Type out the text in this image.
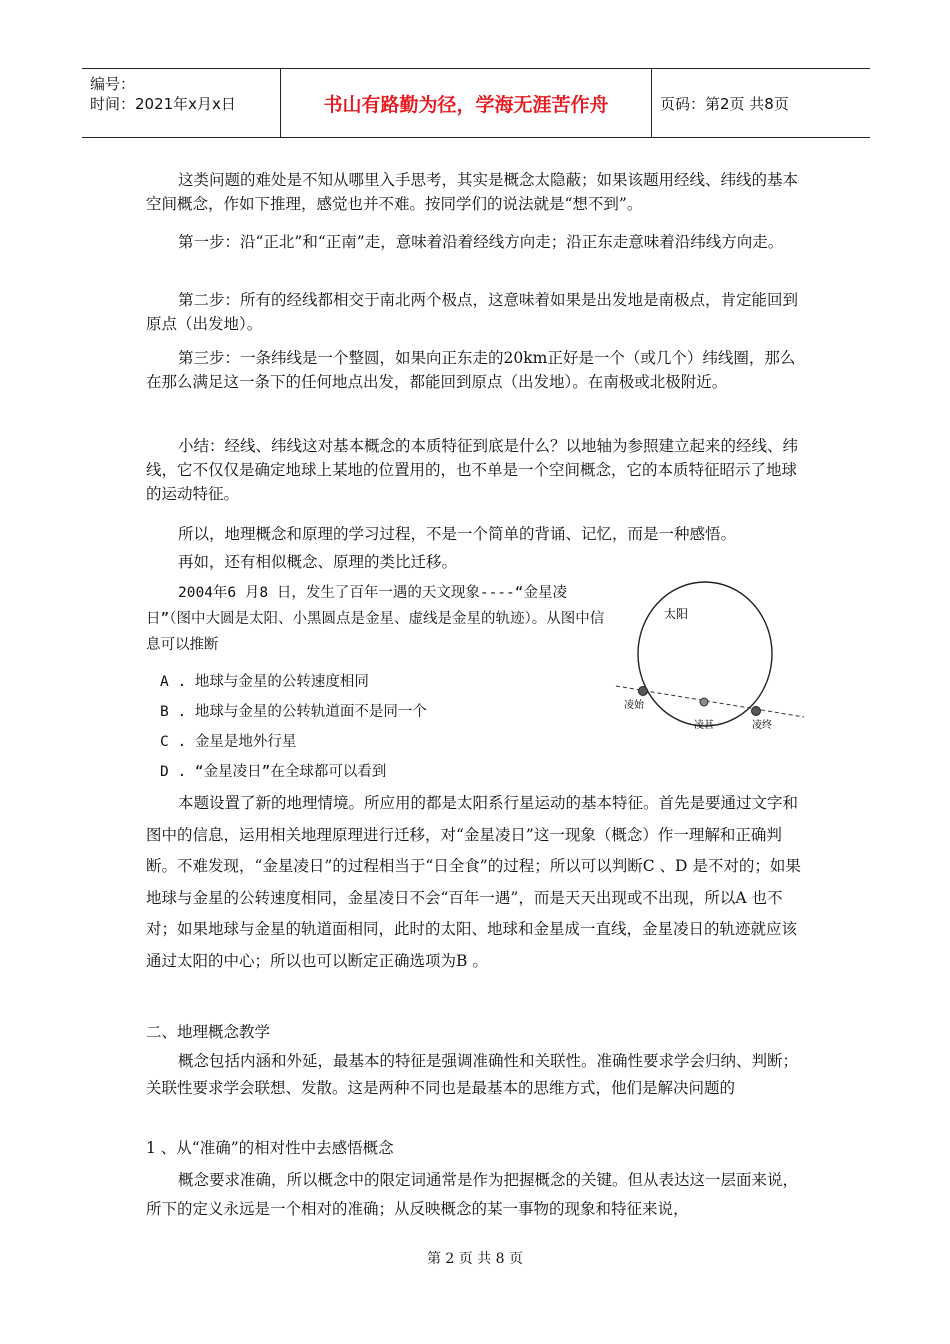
编号：
时间：2021年x月x日	书山有路勤为径，学海无涯苦作舟	页码：第2页 共8页

这类问题的难处是不知从哪里入手思考，其实是概念太隐蔽；如果该题用经线、纬线的基本空间概念，作如下推理，感觉也并不难。按同学们的说法就是“想不到”。

第一步：沿“正北”和“正南”走，意味着沿着经线方向走；沿正东走意味着沿纬线方向走。

第二步：所有的经线都相交于南北两个极点，这意味着如果是出发地是南极点，肯定能回到原点（出发地）。

第三步：一条纬线是一个整圆，如果向正东走的20km正好是一个（或几个）纬线圈，那么在那么满足这一条下的任何地点出发，都能回到原点（出发地）。在南极或北极附近。

小结：经线、纬线这对基本概念的本质特征到底是什么？以地轴为参照建立起来的经线、纬线，它不仅仅是确定地球上某地的位置用的，也不单是一个空间概念，它的本质特征昭示了地球的运动特征。

所以，地理概念和原理的学习过程，不是一个简单的背诵、记忆，而是一种感悟。

再如，还有相似概念、原理的类比迁移。

2004年6 月8 日，发生了百年一遇的天文现象----“金星凌日”（图中大圆是太阳、小黑圆点是金星、虚线是金星的轨迹）。从图中信息可以推断

A . 地球与金星的公转速度相同

B . 地球与金星的公转轨道面不是同一个

C . 金星是地外行星

D . “金星凌日”在全球都可以看到

太阳
凌始
凌甚	凌终

本题设置了新的地理情境。所应用的都是太阳系行星运动的基本特征。首先是要通过文字和图中的信息，运用相关地理原理进行迁移，对“金星凌日”这一现象（概念）作一理解和正确判断。不难发现，“金星凌日”的过程相当于“日全食”的过程；所以可以判断C 、D 是不对的；如果地球与金星的公转速度相同，金星凌日不会“百年一遇”，而是天天出现或不出现，所以A 也不对；如果地球与金星的轨道面相同，此时的太阳、地球和金星成一直线，金星凌日的轨迹就应该通过太阳的中心；所以也可以断定正确选项为B 。

二、地理概念教学

概念包括内涵和外延，最基本的特征是强调准确性和关联性。准确性要求学会归纳、判断；关联性要求学会联想、发散。这是两种不同也是最基本的思维方式，他们是解决问题的

1 、从“准确”的相对性中去感悟概念

概念要求准确，所以概念中的限定词通常是作为把握概念的关键。但从表达这一层面来说，所下的定义永远是一个相对的准确；从反映概念的某一事物的现象和特征来说，

第 2 页 共 8 页
